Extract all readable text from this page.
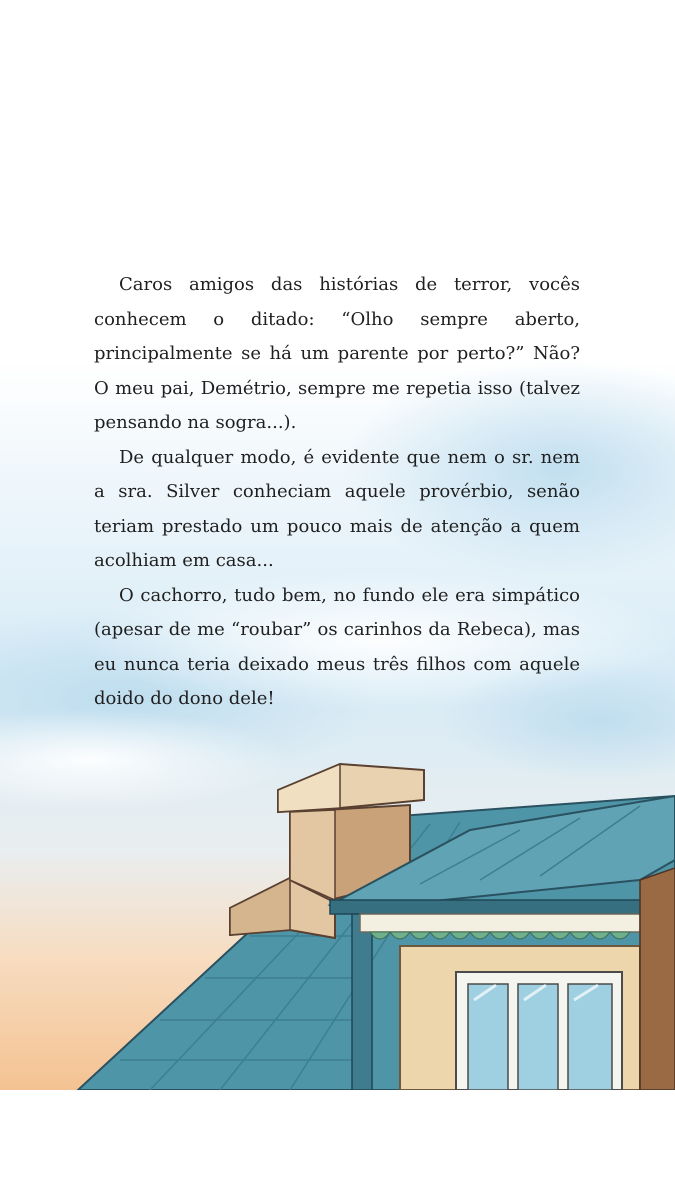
Caros amigos das histórias de terror, vocês conhecem o ditado: “Olho sempre aberto, principalmente se há um parente por perto?” Não? O meu pai, Demétrio, sempre me repetia isso (talvez pensando na sogra...).

De qualquer modo, é evidente que nem o sr. nem a sra. Silver conheciam aquele provérbio, senão teriam prestado um pouco mais de atenção a quem acolhiam em casa...

O cachorro, tudo bem, no fundo ele era simpático (apesar de me “roubar” os carinhos da Rebeca), mas eu nunca teria deixado meus três filhos com aquele doido do dono dele!
